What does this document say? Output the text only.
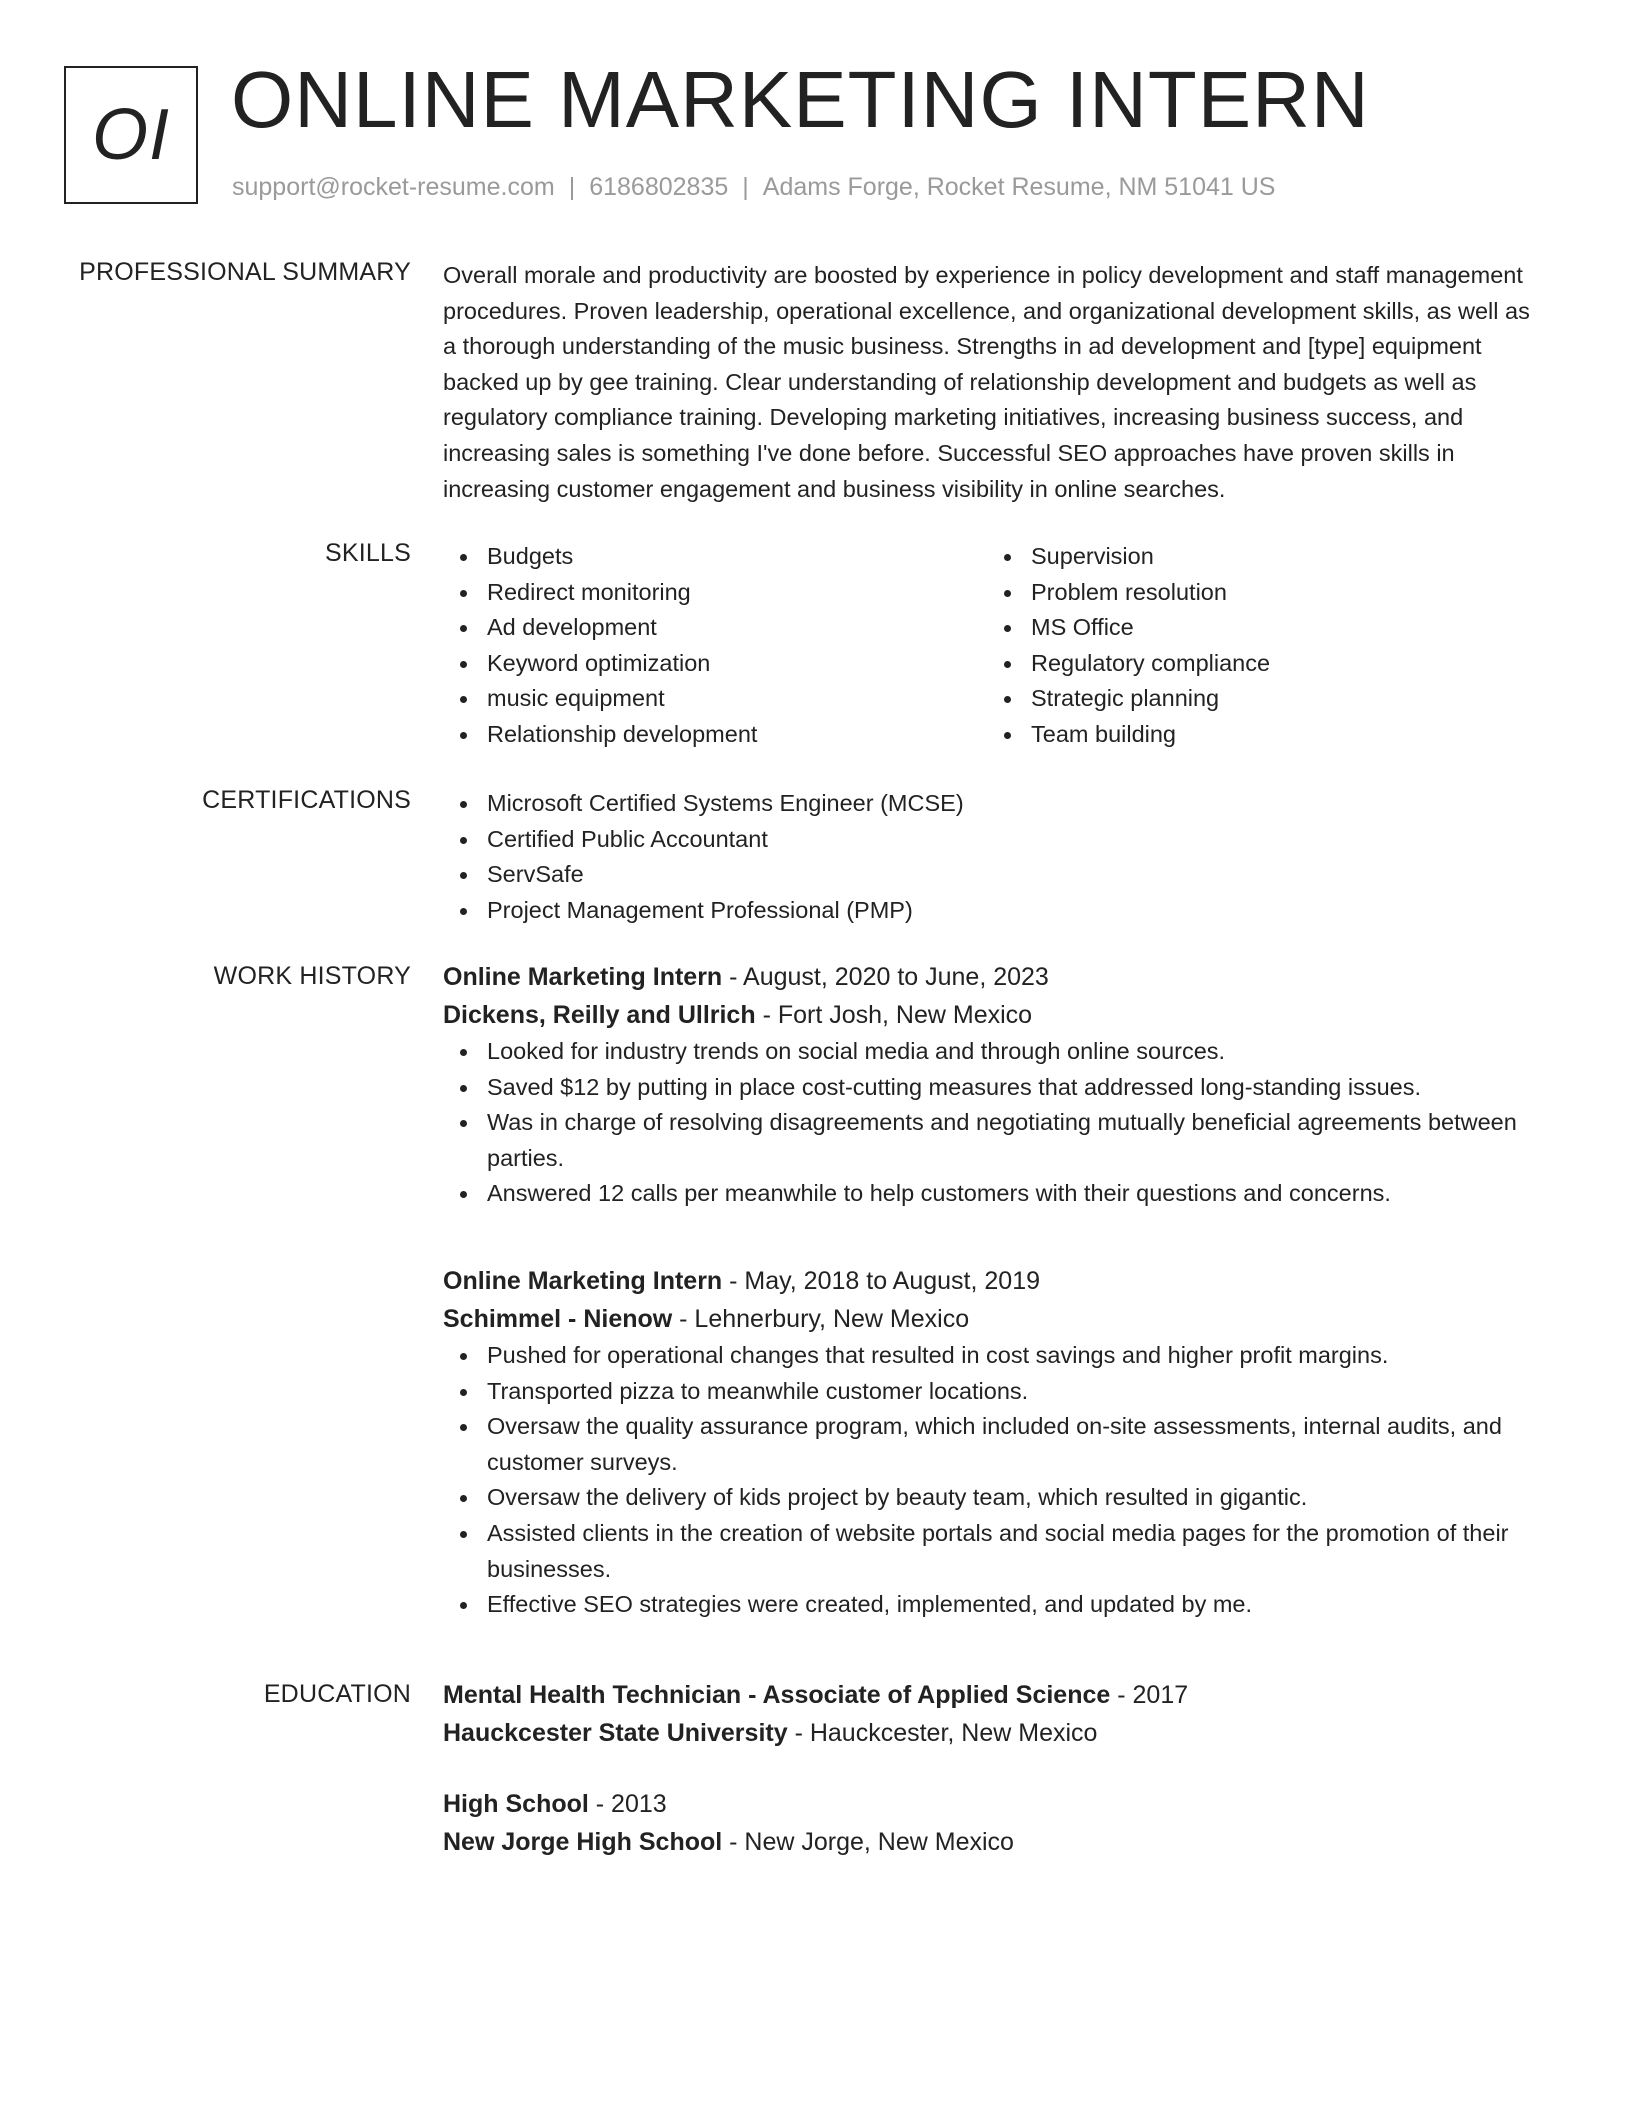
OI ONLINE MARKETING INTERN
support@rocket-resume.com | 6186802835 | Adams Forge, Rocket Resume, NM 51041 US
PROFESSIONAL SUMMARY Overall morale and productivity are boosted by experience in policy development and staff management procedures. Proven leadership, operational excellence, and organizational development skills, as well as a thorough understanding of the music business. Strengths in ad development and [type] equipment backed up by gee training. Clear understanding of relationship development and budgets as well as regulatory compliance training. Developing marketing initiatives, increasing business success, and increasing sales is something I've done before. Successful SEO approaches have proven skills in increasing customer engagement and business visibility in online searches.

SKILLS	Budgets
Redirect monitoring
Ad development
Keyword optimization
music equipment
Relationship development
Supervision
Problem resolution
MS Office
Regulatory compliance
Strategic planning
Team building
CERTIFICATIONS	Microsoft Certified Systems Engineer (MCSE)
Certified Public Accountant
ServSafe
Project Management Professional (PMP)
WORK HISTORY Online Marketing Intern - August, 2020 to June, 2023
Dickens, Reilly and Ullrich - Fort Josh, New Mexico
Looked for industry trends on social media and through online sources.
Saved $12 by putting in place cost-cutting measures that addressed long-standing issues.
Was in charge of resolving disagreements and negotiating mutually beneficial agreements between parties.
Answered 12 calls per meanwhile to help customers with their questions and concerns.
Online Marketing Intern - May, 2018 to August, 2019
Schimmel - Nienow - Lehnerbury, New Mexico
Pushed for operational changes that resulted in cost savings and higher profit margins.
Transported pizza to meanwhile customer locations.
Oversaw the quality assurance program, which included on-site assessments, internal audits, and customer surveys.
Oversaw the delivery of kids project by beauty team, which resulted in gigantic.
Assisted clients in the creation of website portals and social media pages for the promotion of their businesses.
Effective SEO strategies were created, implemented, and updated by me.
EDUCATION Mental Health Technician - Associate of Applied Science - 2017
Hauckcester State University - Hauckcester, New Mexico
High School - 2013
New Jorge High School - New Jorge, New Mexico
